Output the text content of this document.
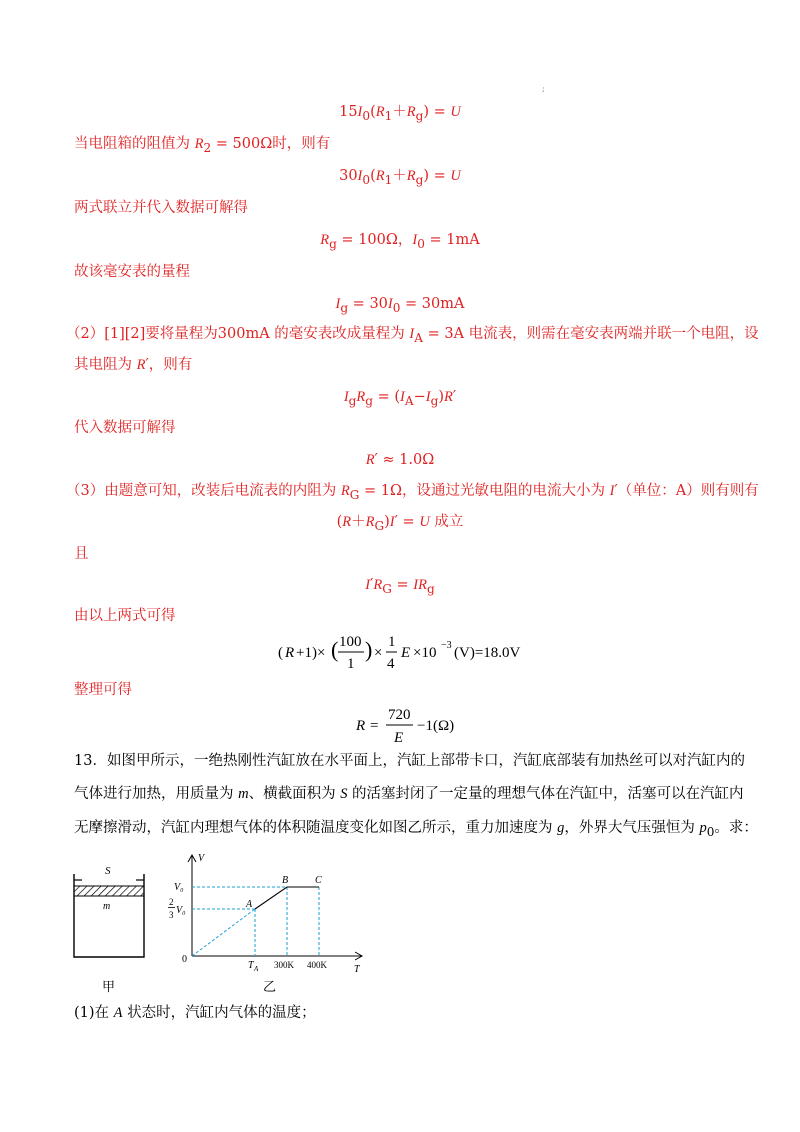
;
$15I_0(R_1+R_g) = U$
当电阻箱的阻值为 $R_2 = 500\Omega$时，则有
$30I_0(R_1+R_g) = U$
两式联立并代入数据可解得
$R_g = 100\Omega$，$I_0 = 1mA$
故该毫安表的量程
$I_g = 30I_0 = 30mA$
（2）[1][2]要将量程为300mA 的毫安表改成量程为 $I_A = 3A$ 电流表，则需在毫安表两端并联一个电阻，设
其电阻为 R′，则有
$I_gR_g = (I_A-I_g)R'$
代入数据可解得
R′ ≈ 1.0Ω
（3）由题意可知，改装后电流表的内阻为 $R_G = 1\Omega$，设通过光敏电阻的电流大小为 I′（单位：A）则有则有
$(R+R_G)I' = U$ 成立
且
$I'R_G = IR_g$
由以上两式可得
( R +1)× ( 100
1
) ×
1
4
E ×10 −3 (V)=18.0V
整理可得
R =
720
E
−1(Ω)
13．如图甲所示，一绝热刚性汽缸放在水平面上，汽缸上部带卡口，汽缸底部装有加热丝可以对汽缸内的
气体进行加热，用质量为 m、横截面积为 S 的活塞封闭了一定量的理想气体在汽缸中，活塞可以在汽缸内
无摩擦滑动，汽缸内理想气体的体积随温度变化如图乙所示，重力加速度为 g，外界大气压强恒为 $p_0$。求：
S
m
甲
V
T
0
V₀
2
3 V₀
T A 300K 400K
A
B	C
乙
(1)在 A 状态时，汽缸内气体的温度；
